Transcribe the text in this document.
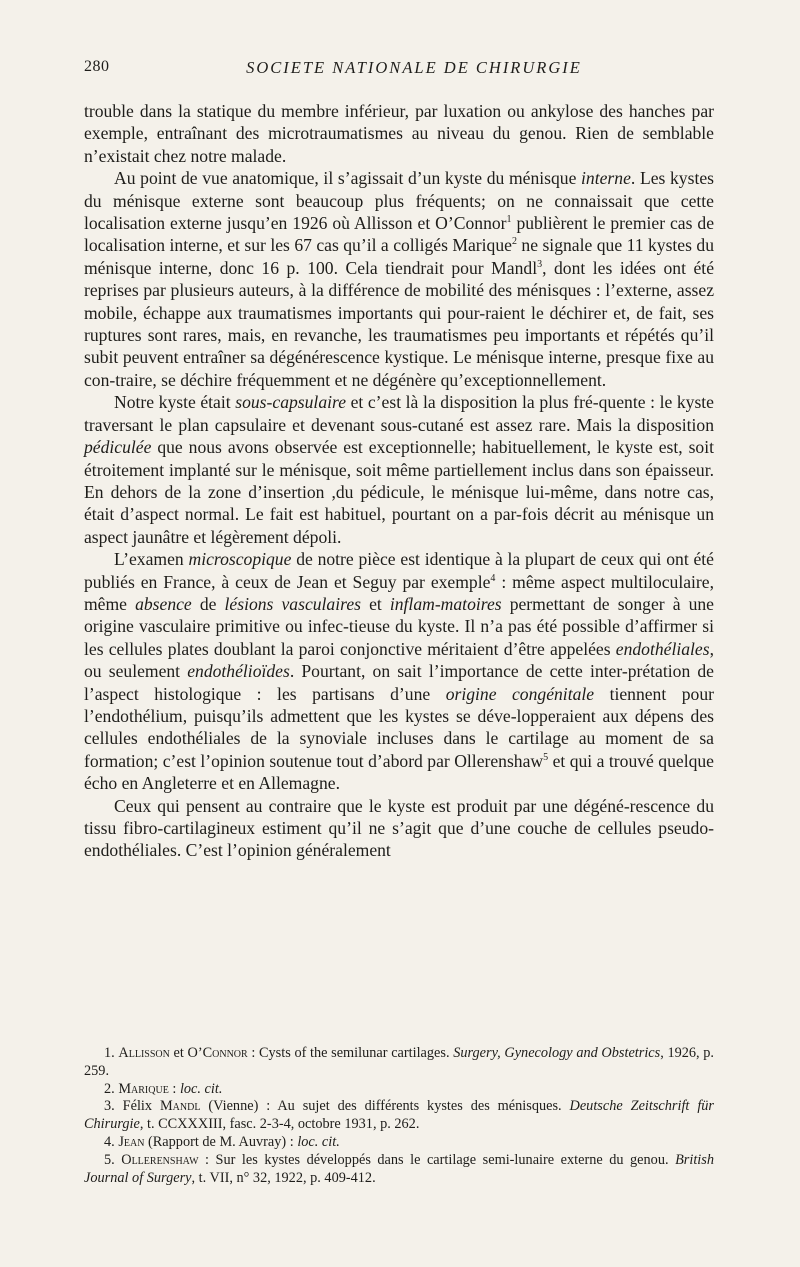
280	SOCIETE NATIONALE DE CHIRURGIE

trouble dans la statique du membre inférieur, par luxation ou ankylose des hanches par exemple, entraînant des microtraumatismes au niveau du genou. Rien de semblable n’existait chez notre malade.

Au point de vue anatomique, il s’agissait d’un kyste du ménisque interne. Les kystes du ménisque externe sont beaucoup plus fréquents; on ne connaissait que cette localisation externe jusqu’en 1926 où Allisson et O’Connor$^1$ publièrent le premier cas de localisation interne, et sur les 67 cas qu’il a colligés Marique$^2$ ne signale que 11 kystes du ménisque interne, donc 16 p. 100. Cela tiendrait pour Mandl$^3$, dont les idées ont été reprises par plusieurs auteurs, à la différence de mobilité des ménisques : l’externe, assez mobile, échappe aux traumatismes importants qui pour-raient le déchirer et, de fait, ses ruptures sont rares, mais, en revanche, les traumatismes peu importants et répétés qu’il subit peuvent entraîner sa dégénérescence kystique. Le ménisque interne, presque fixe au con-traire, se déchire fréquemment et ne dégénère qu’exceptionnellement.

Notre kyste était sous-capsulaire et c’est là la disposition la plus fré-quente : le kyste traversant le plan capsulaire et devenant sous-cutané est assez rare. Mais la disposition pédiculée que nous avons observée est exceptionnelle; habituellement, le kyste est, soit étroitement implanté sur le ménisque, soit même partiellement inclus dans son épaisseur. En dehors de la zone d’insertion ,du pédicule, le ménisque lui-même, dans notre cas, était d’aspect normal. Le fait est habituel, pourtant on a par-fois décrit au ménisque un aspect jaunâtre et légèrement dépoli.

L’examen microscopique de notre pièce est identique à la plupart de ceux qui ont été publiés en France, à ceux de Jean et Seguy par exemple$^4$ : même aspect multiloculaire, même absence de lésions vasculaires et inflam-matoires permettant de songer à une origine vasculaire primitive ou infec-tieuse du kyste. Il n’a pas été possible d’affirmer si les cellules plates doublant la paroi conjonctive méritaient d’être appelées endothéliales, ou seulement endothélioïdes. Pourtant, on sait l’importance de cette inter-prétation de l’aspect histologique : les partisans d’une origine congénitale tiennent pour l’endothélium, puisqu’ils admettent que les kystes se déve-lopperaient aux dépens des cellules endothéliales de la synoviale incluses dans le cartilage au moment de sa formation; c’est l’opinion soutenue tout d’abord par Ollerenshaw$^5$ et qui a trouvé quelque écho en Angleterre et en Allemagne.

Ceux qui pensent au contraire que le kyste est produit par une dégéné-rescence du tissu fibro-cartilagineux estiment qu’il ne s’agit que d’une couche de cellules pseudo-endothéliales. C’est l’opinion généralement

1. Allisson et O’Connor : Cysts of the semilunar cartilages. Surgery, Gynecology and Obstetrics, 1926, p. 259.

2. Marique : loc. cit.

3. Félix Mandl (Vienne) : Au sujet des différents kystes des ménisques. Deutsche Zeitschrift für Chirurgie, t. CCXXXIII, fasc. 2-3-4, octobre 1931, p. 262.

4. Jean (Rapport de M. Auvray) : loc. cit.

5. Ollerenshaw : Sur les kystes développés dans le cartilage semi-lunaire externe du genou. British Journal of Surgery, t. VII, n° 32, 1922, p. 409-412.
